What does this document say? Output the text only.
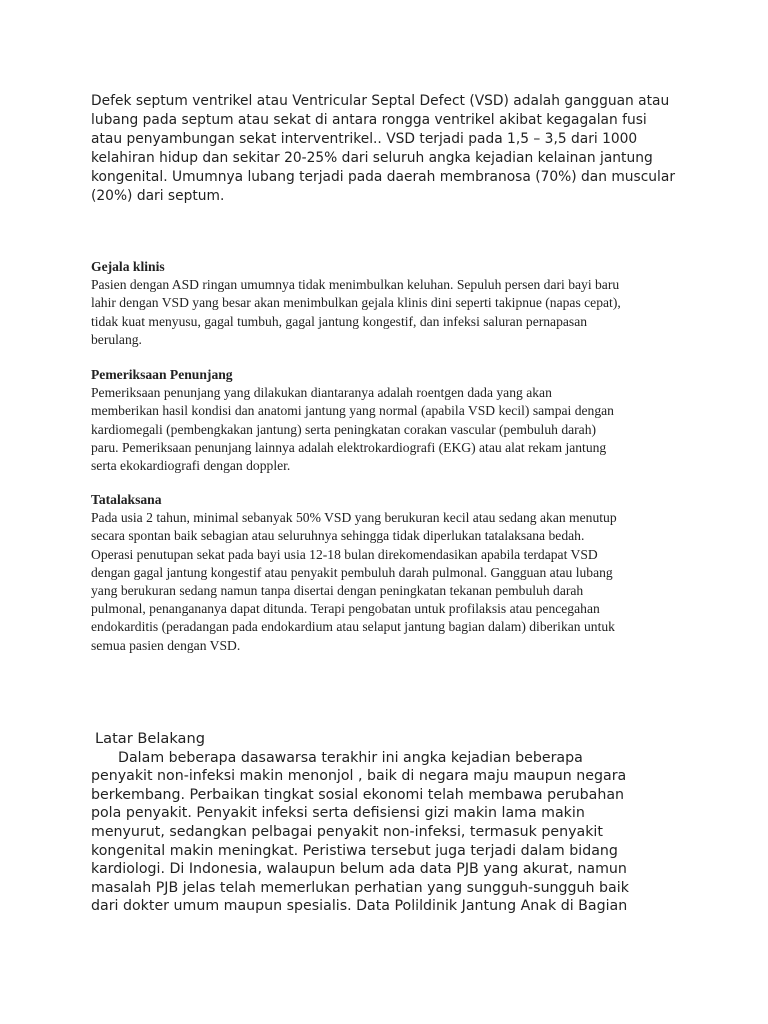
Defek septum ventrikel atau Ventricular Septal Defect (VSD) adalah gangguan atau
lubang pada septum atau sekat di antara rongga ventrikel akibat kegagalan fusi
atau penyambungan sekat interventrikel.. VSD terjadi pada 1,5 – 3,5 dari 1000
kelahiran hidup dan sekitar 20-25% dari seluruh angka kejadian kelainan jantung
kongenital. Umumnya lubang terjadi pada daerah membranosa (70%) dan muscular
(20%) dari septum.
Gejala klinis
Pasien dengan ASD ringan umumnya tidak menimbulkan keluhan. Sepuluh persen dari bayi baru
lahir dengan VSD yang besar akan menimbulkan gejala klinis dini seperti takipnue (napas cepat),
tidak kuat menyusu, gagal tumbuh, gagal jantung kongestif, dan infeksi saluran pernapasan
berulang.
Pemeriksaan Penunjang
Pemeriksaan penunjang yang dilakukan diantaranya adalah roentgen dada yang akan
memberikan hasil kondisi dan anatomi jantung yang normal (apabila VSD kecil) sampai dengan
kardiomegali (pembengkakan jantung) serta peningkatan corakan vascular (pembuluh darah)
paru. Pemeriksaan penunjang lainnya adalah elektrokardiografi (EKG) atau alat rekam jantung
serta ekokardiografi dengan doppler.
Tatalaksana
Pada usia 2 tahun, minimal sebanyak 50% VSD yang berukuran kecil atau sedang akan menutup
secara spontan baik sebagian atau seluruhnya sehingga tidak diperlukan tatalaksana bedah.
Operasi penutupan sekat pada bayi usia 12-18 bulan direkomendasikan apabila terdapat VSD
dengan gagal jantung kongestif atau penyakit pembuluh darah pulmonal. Gangguan atau lubang
yang berukuran sedang namun tanpa disertai dengan peningkatan tekanan pembuluh darah
pulmonal, penangananya dapat ditunda. Terapi pengobatan untuk profilaksis atau pencegahan
endokarditis (peradangan pada endokardium atau selaput jantung bagian dalam) diberikan untuk
semua pasien dengan VSD.
Latar Belakang
Dalam beberapa dasawarsa terakhir ini angka kejadian beberapa
penyakit non-infeksi makin menonjol , baik di negara maju maupun negara
berkembang. Perbaikan tingkat sosial ekonomi telah membawa perubahan
pola penyakit. Penyakit infeksi serta defisiensi gizi makin lama makin
menyurut, sedangkan pelbagai penyakit non-infeksi, termasuk penyakit
kongenital makin meningkat. Peristiwa tersebut juga terjadi dalam bidang
kardiologi. Di Indonesia, walaupun belum ada data PJB yang akurat, namun
masalah PJB jelas telah memerlukan perhatian yang sungguh-sungguh baik
dari dokter umum maupun spesialis. Data Polildinik Jantung Anak di Bagian
